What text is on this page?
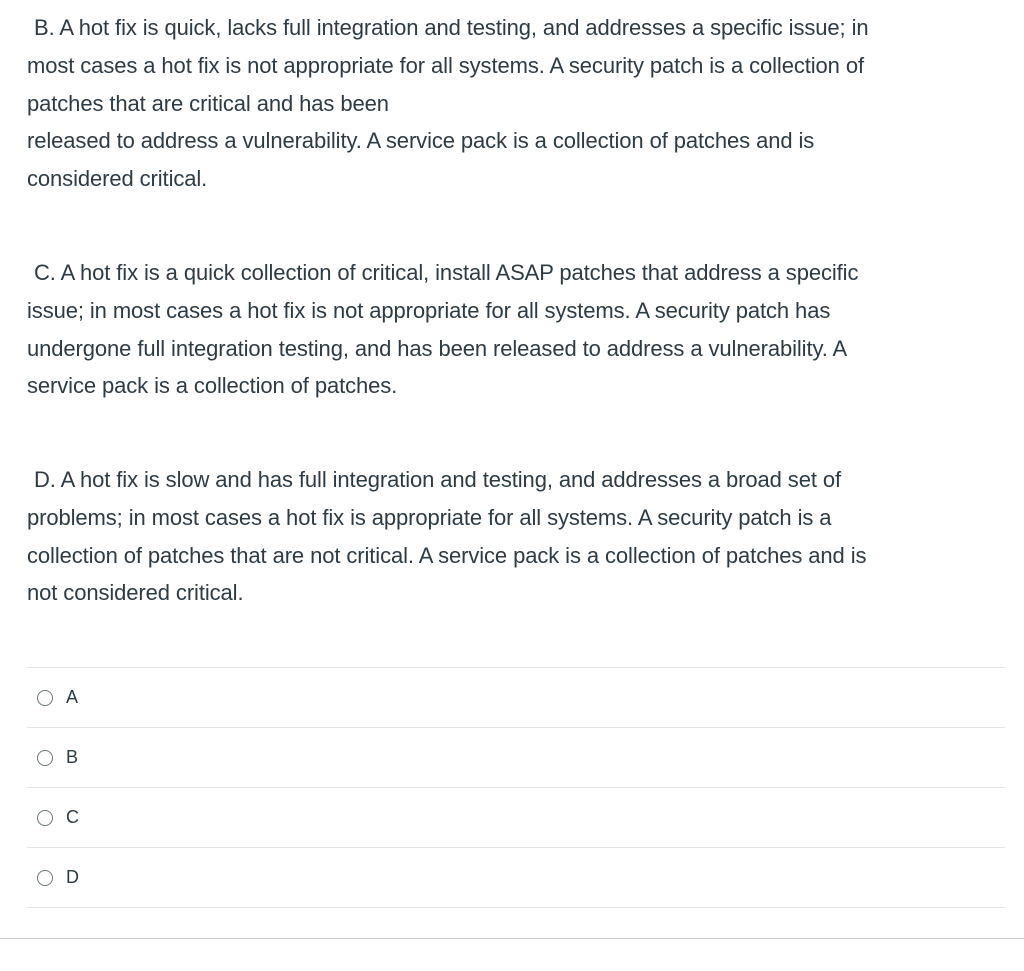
B. A hot fix is quick, lacks full integration and testing, and addresses a specific issue; in
most cases a hot fix is not appropriate for all systems. A security patch is a collection of
patches that are critical and has been
released to address a vulnerability. A service pack is a collection of patches and is
considered critical.
C. A hot fix is a quick collection of critical, install ASAP patches that address a specific
issue; in most cases a hot fix is not appropriate for all systems. A security patch has
undergone full integration testing, and has been released to address a vulnerability. A
service pack is a collection of patches.
D. A hot fix is slow and has full integration and testing, and addresses a broad set of
problems; in most cases a hot fix is appropriate for all systems. A security patch is a
collection of patches that are not critical. A service pack is a collection of patches and is
not considered critical.
A
B
C
D
